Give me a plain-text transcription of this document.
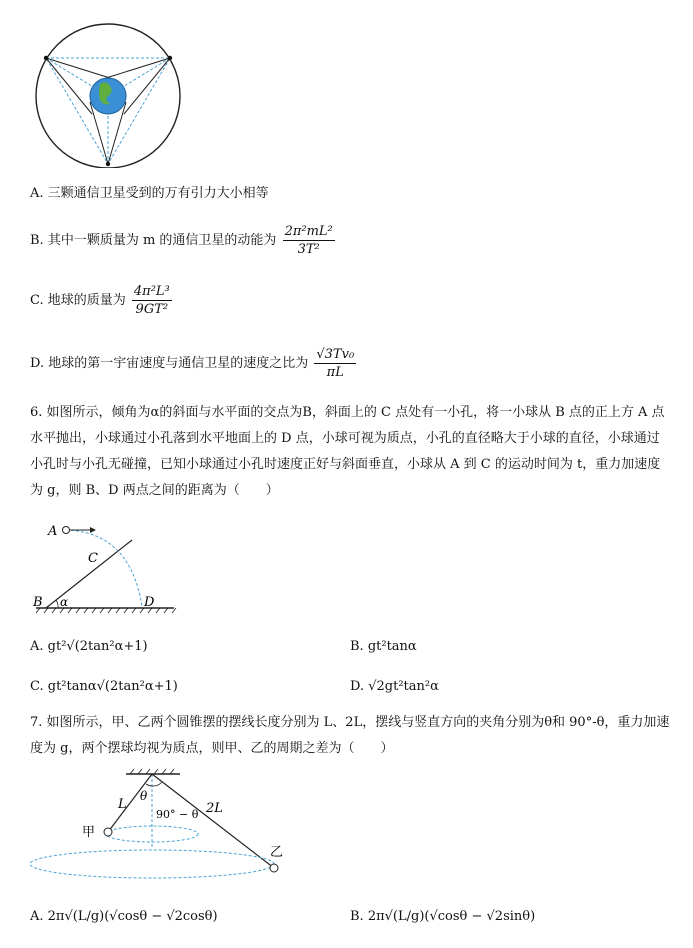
A. 三颗通信卫星受到的万有引力大小相等
B. 其中一颗质量为 m 的通信卫星的动能为 $\frac{\text{2π²mL²}}{\text{3T²}}$
C. 地球的质量为 $\frac{\text{4π²L³}}{\text{9GT²}}$
D. 地球的第一宇宙速度与通信卫星的速度之比为 $\frac{\text{√3Tv₀}}{\pi L}$
6. 如图所示，倾角为α的斜面与水平面的交点为B，斜面上的 C 点处有一小孔，将一小球从 B 点的正上方 A 点水平抛出，小球通过小孔落到水平地面上的 D 点，小球可视为质点，小孔的直径略大于小球的直径，小球通过小孔时与小孔无碰撞，已知小球通过小孔时速度正好与斜面垂直，小球从 A 到 C 的运动时间为 t，重力加速度为 g，则 B、D 两点之间的距离为（　　）
A
C
B α	D
A. gt²√(2tan²α+1)	B. gt²tanα
C. gt²tanα√(2tan²α+1)	D. √2gt²tan²α
7. 如图所示，甲、乙两个圆锥摆的摆线长度分别为 L、2L，摆线与竖直方向的夹角分别为θ和 90°-θ，重力加速度为 g，两个摆球均视为质点，则甲、乙的周期之差为（　　）
L
θ
90° − θ 2L
甲
乙
A. 2π√(L/g)(√cosθ − √2cosθ)	B. 2π√(L/g)(√cosθ − √2sinθ)
